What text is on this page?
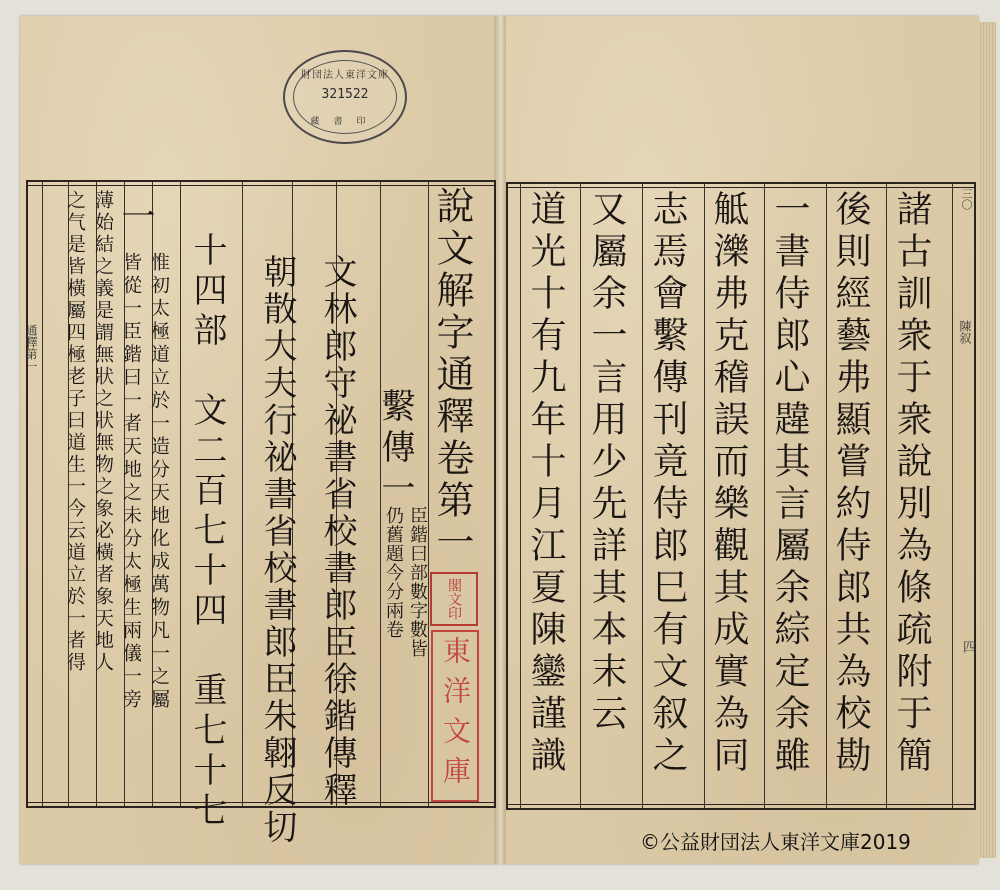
財団法人東洋文庫
321522
藏書印
說文解字通釋卷第一
繫傳一
臣鍇曰部數字數皆
仍舊題今分兩卷
文林郎守祕書省校書郎臣徐鍇傳釋
朝散大夫行祕書省校書郎臣朱翺反切
十四部　文二百七十四　重七十七
一
惟初太極道立於一造分天地化成萬物凡一之屬
皆從一臣鍇曰一者天地之未分太極生兩儀一旁
薄始結之義是謂無狀之狀無物之象必橫者象天地人
之气是皆橫屬四極老子曰道生一今云道立於一者得
通釋第一
閣文印
東洋文庫	諸古訓衆于衆說別為條疏附于簡
後則經藝弗顯嘗約侍郎共為校勘
一書侍郎心韙其言屬余綜定余雖
觝濼弗克稽誤而樂觀其成實為同
志焉會繫傳刊竟侍郎巳有文叙之
又屬余一言用少先詳其本末云
道光十有九年十月江夏陳鑾謹識	陳叙
三〇
四
©公益財団法人東洋文庫2019
